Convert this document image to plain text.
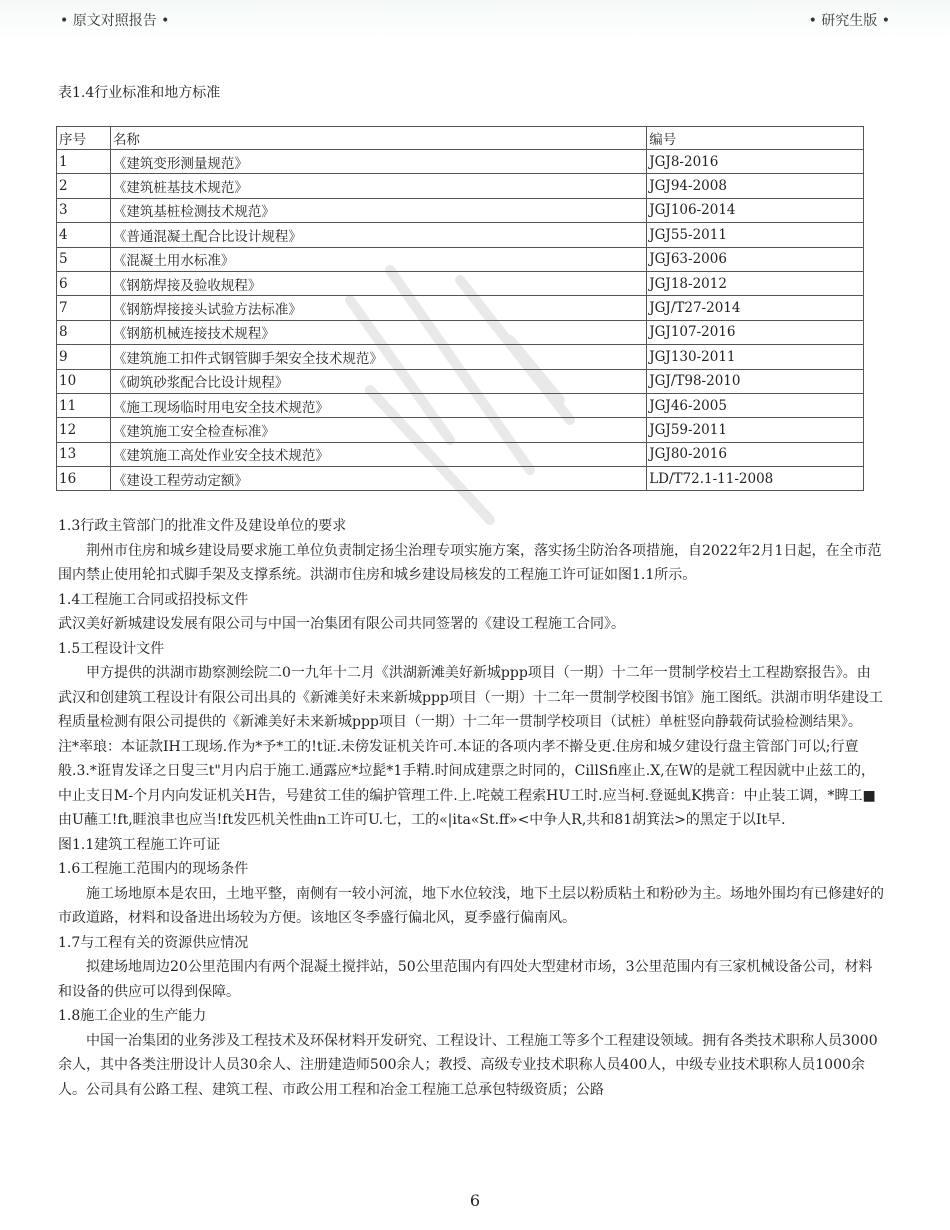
• 原文对照报告 •	• 研究生版 •
表1.4行业标准和地方标准
序号	名称	编号
1	《建筑变形测量规范》	JGJ8-2016
2	《建筑桩基技术规范》	JGJ94-2008
3	《建筑基桩检测技术规范》	JGJ106-2014
4	《普通混凝土配合比设计规程》	JGJ55-2011
5	《混凝土用水标准》	JGJ63-2006
6	《钢筋焊接及验收规程》	JGJ18-2012
7	《钢筋焊接接头试验方法标准》	JGJ/T27-2014
8	《钢筋机械连接技术规程》	JGJ107-2016
9	《建筑施工扣件式钢管脚手架安全技术规范》	JGJ130-2011
10	《砌筑砂浆配合比设计规程》	JGJ/T98-2010
11	《施工现场临时用电安全技术规范》	JGJ46-2005
12	《建筑施工安全检查标准》	JGJ59-2011
13	《建筑施工高处作业安全技术规范》	JGJ80-2016
16	《建设工程劳动定额》	LD/T72.1-11-2008

1.3行政主管部门的批准文件及建设单位的要求

荆州市住房和城乡建设局要求施工单位负责制定扬尘治理专项实施方案，落实扬尘防治各项措施，自2022年2月1日起，在全市范围内禁止使用轮扣式脚手架及支撑系统。洪湖市住房和城乡建设局核发的工程施工许可证如图1.1所示。

1.4工程施工合同或招投标文件

武汉美好新城建设发展有限公司与中国一冶集团有限公司共同签署的《建设工程施工合同》。

1.5工程设计文件

甲方提供的洪湖市勘察测绘院二0一九年十二月《洪湖新滩美好新城ppp项目（一期）十二年一贯制学校岩土工程勘察报告》。由武汉和创建筑工程设计有限公司出具的《新滩美好未来新城ppp项目（一期）十二年一贯制学校图书馆》施工图纸。洪湖市明华建设工程质量检测有限公司提供的《新滩美好未来新城ppp项目（一期）十二年一贯制学校项目（试桩）单桩竖向静载荷试验检测结果》。

注*率琅：本证款IH工现场.作为*予*工的!t证.未傍发证机关许可.本证的各项内孝不擀殳更.住房和城夕建设行盘主管部门可以;行亶般.3.*诳胄发译之日叟三t"月内启于施工.通露应*垃髭*1手精.时间成建票之时同的，CillSfi座止.X,在W的是就工程因就中止兹工的，中止支日M-个月内向发证机关H告，号建贫工佳的编护管理工件.上.咤兢工程索HU工时.应当柯.登诞虬K携音：中止装工调，*睥工■由U蘸工!ft,睚浪聿也应当!ft发匹机关性曲n工许可U.七，工的«|ita«St.ff»<中争人R,共和81胡箕法>的黑定于以It早.

图1.1建筑工程施工许可证

1.6工程施工范围内的现场条件

施工场地原本是农田，土地平整，南侧有一较小河流，地下水位较浅，地下土层以粉质粘土和粉砂为主。场地外围均有已修建好的市政道路，材料和设备进出场较为方便。该地区冬季盛行偏北风，夏季盛行偏南风。

1.7与工程有关的资源供应情况

拟建场地周边20公里范围内有两个混凝土搅拌站，50公里范围内有四处大型建材市场，3公里范围内有三家机械设备公司，材料和设备的供应可以得到保障。

1.8施工企业的生产能力

中国一冶集团的业务涉及工程技术及环保材料开发研究、工程设计、工程施工等多个工程建设领域。拥有各类技术职称人员3000余人，其中各类注册设计人员30余人、注册建造师500余人；教授、高级专业技术职称人员400人，中级专业技术职称人员1000余人。公司具有公路工程、建筑工程、市政公用工程和冶金工程施工总承包特级资质；公路

6
